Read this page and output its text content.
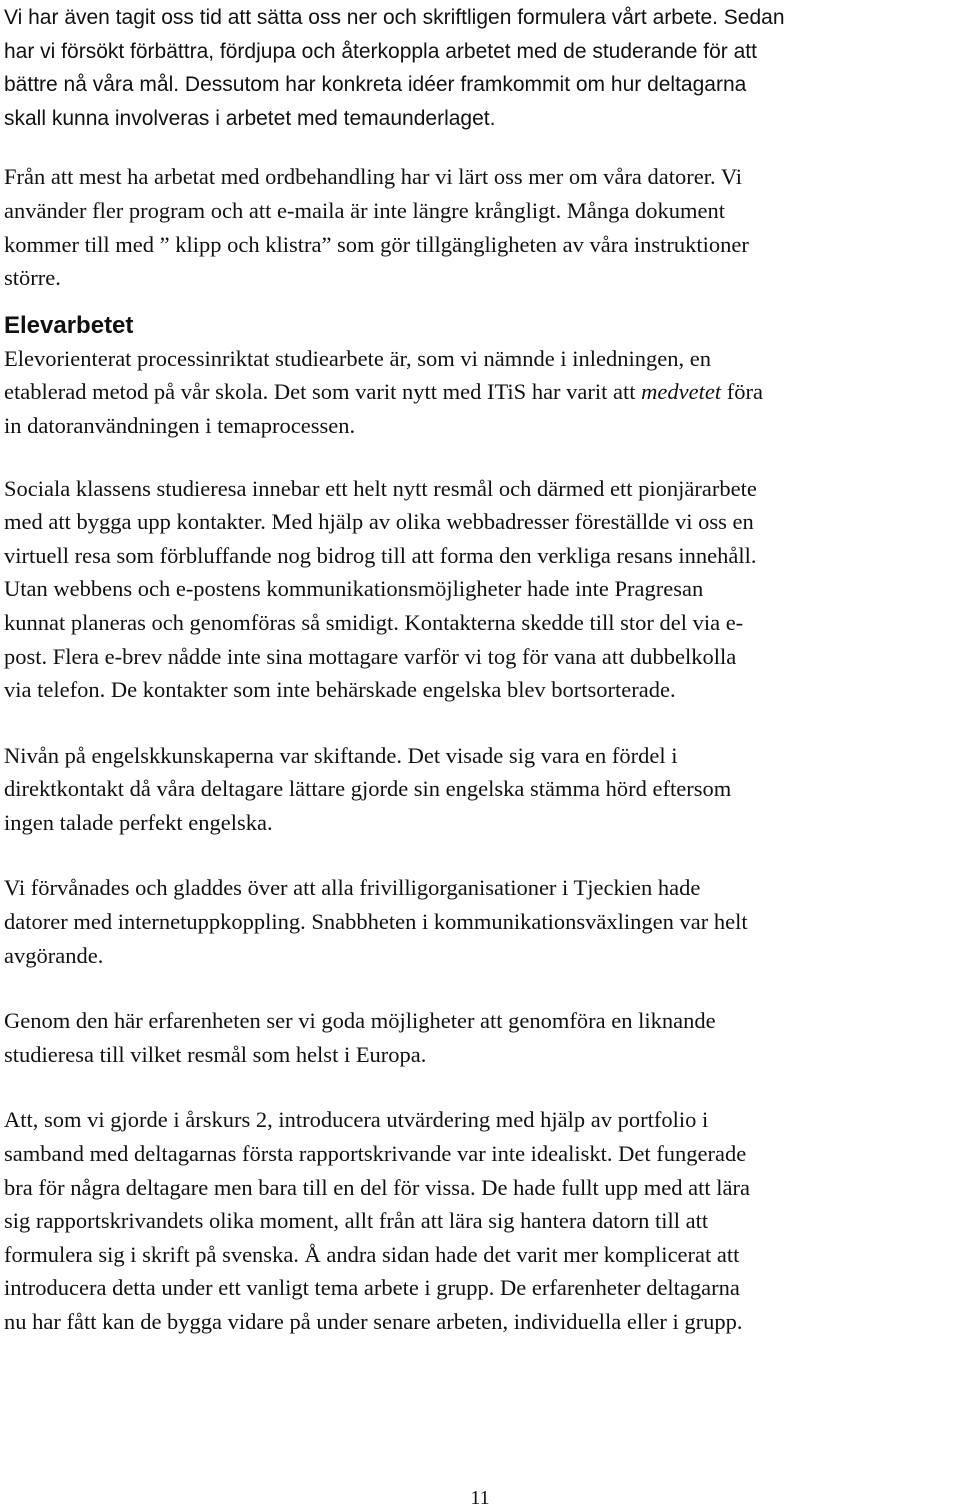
Vi har även tagit oss tid att sätta oss ner och skriftligen formulera vårt arbete. Sedan
har vi försökt förbättra, fördjupa och återkoppla arbetet med de studerande för att
bättre nå våra mål. Dessutom har konkreta idéer framkommit om hur deltagarna
skall kunna involveras i arbetet med temaunderlaget.

Från att mest ha arbetat med ordbehandling har vi lärt oss mer om våra datorer. Vi
använder fler program och att e-maila är inte längre krångligt. Många dokument
kommer till med ” klipp och klistra” som gör tillgängligheten av våra instruktioner
större.

Elevarbetet

Elevorienterat processinriktat studiearbete är, som vi nämnde i inledningen, en
etablerad metod på vår skola. Det som varit nytt med ITiS har varit att medvetet föra
in datoranvändningen i temaprocessen.

Sociala klassens studieresa innebar ett helt nytt resmål och därmed ett pionjärarbete
med att bygga upp kontakter. Med hjälp av olika webbadresser föreställde vi oss en
virtuell resa som förbluffande nog bidrog till att forma den verkliga resans innehåll.
Utan webbens och e-postens kommunikationsmöjligheter hade inte Pragresan
kunnat planeras och genomföras så smidigt. Kontakterna skedde till stor del via e-
post. Flera e-brev nådde inte sina mottagare varför vi tog för vana att dubbelkolla
via telefon. De kontakter som inte behärskade engelska blev bortsorterade.

Nivån på engelskkunskaperna var skiftande. Det visade sig vara en fördel i
direktkontakt då våra deltagare lättare gjorde sin engelska stämma hörd eftersom
ingen talade perfekt engelska.

Vi förvånades och gladdes över att alla frivilligorganisationer i Tjeckien hade
datorer med internetuppkoppling. Snabbheten i kommunikationsväxlingen var helt
avgörande.

Genom den här erfarenheten ser vi goda möjligheter att genomföra en liknande
studieresa till vilket resmål som helst i Europa.

Att, som vi gjorde i årskurs 2, introducera utvärdering med hjälp av portfolio i
samband med deltagarnas första rapportskrivande var inte idealiskt. Det fungerade
bra för några deltagare men bara till en del för vissa. De hade fullt upp med att lära
sig rapportskrivandets olika moment, allt från att lära sig hantera datorn till att
formulera sig i skrift på svenska. Å andra sidan hade det varit mer komplicerat att
introducera detta under ett vanligt tema arbete i grupp. De erfarenheter deltagarna
nu har fått kan de bygga vidare på under senare arbeten, individuella eller i grupp.

11
